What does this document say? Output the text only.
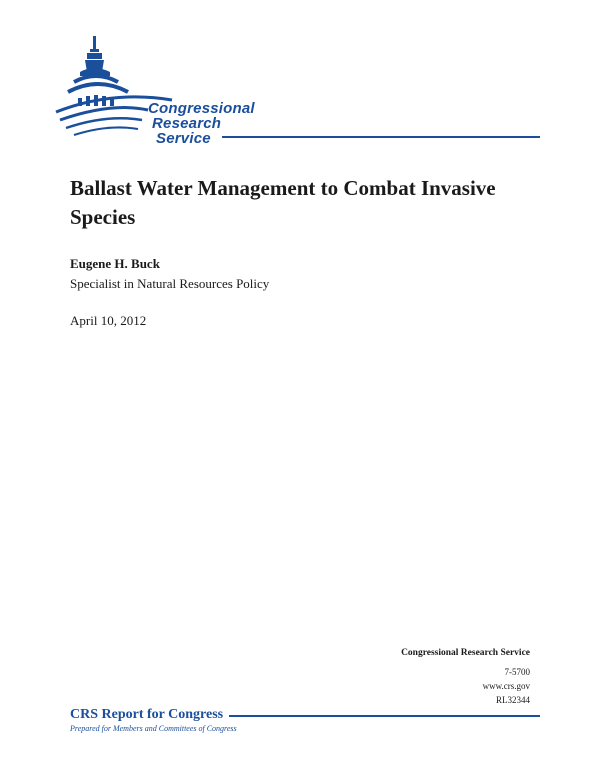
Congressional
Research
Service
Ballast Water Management to Combat Invasive Species
Eugene H. Buck
Specialist in Natural Resources Policy
April 10, 2012
Congressional Research Service
7-5700
www.crs.gov
RL32344
CRS Report for Congress
Prepared for Members and Committees of Congress
